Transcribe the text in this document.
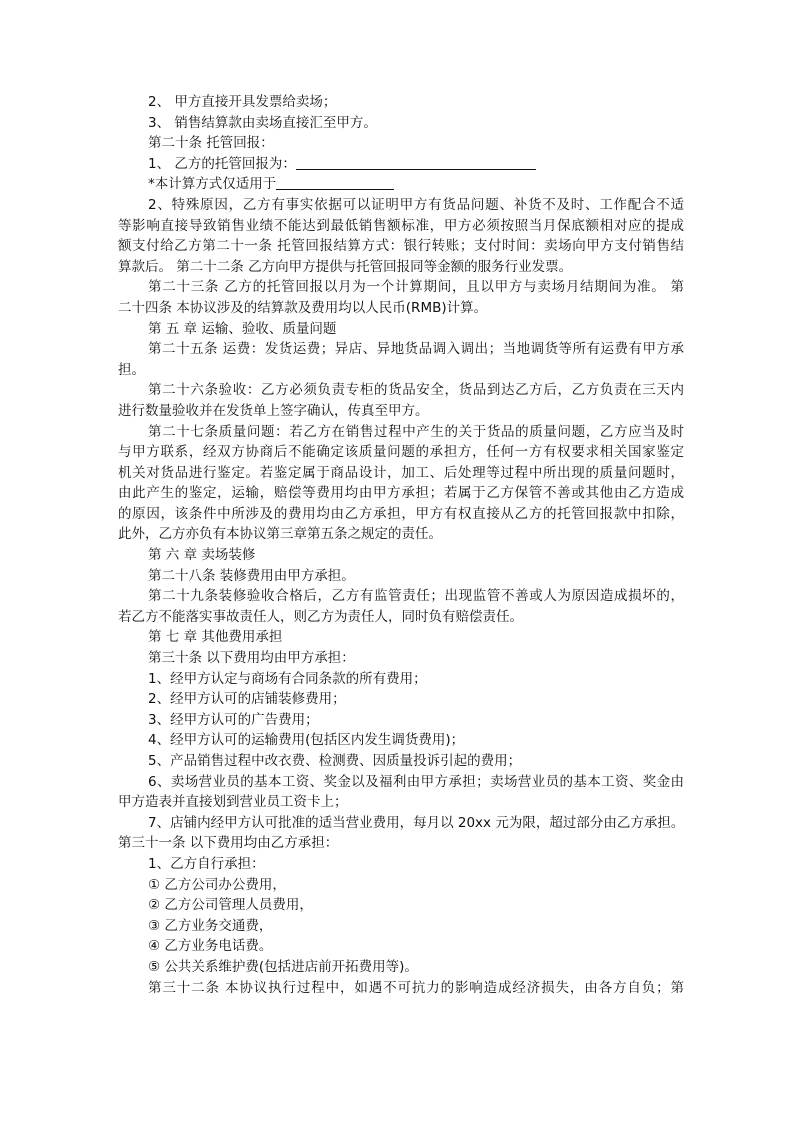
2、 甲方直接开具发票给卖场；
3、 销售结算款由卖场直接汇至甲方。
第二十条 托管回报：
1、 乙方的托管回报为：
*本计算方式仅适用于
2、特殊原因，乙方有事实依据可以证明甲方有货品问题、补货不及时、工作配合不适
等影响直接导致销售业绩不能达到最低销售额标准，甲方必须按照当月保底额相对应的提成
额支付给乙方第二十一条 托管回报结算方式：银行转账；支付时间：卖场向甲方支付销售结
算款后。 第二十二条 乙方向甲方提供与托管回报同等金额的服务行业发票。
第二十三条 乙方的托管回报以月为一个计算期间，且以甲方与卖场月结期间为准。 第
二十四条 本协议涉及的结算款及费用均以人民币(RMB)计算。
第 五 章 运输、验收、质量问题
第二十五条 运费：发货运费；异店、异地货品调入调出；当地调货等所有运费有甲方承
担。
第二十六条验收：乙方必须负责专柜的货品安全，货品到达乙方后，乙方负责在三天内
进行数量验收并在发货单上签字确认，传真至甲方。
第二十七条质量问题：若乙方在销售过程中产生的关于货品的质量问题，乙方应当及时
与甲方联系，经双方协商后不能确定该质量问题的承担方，任何一方有权要求相关国家鉴定
机关对货品进行鉴定。若鉴定属于商品设计，加工、后处理等过程中所出现的质量问题时，
由此产生的鉴定，运输，赔偿等费用均由甲方承担；若属于乙方保管不善或其他由乙方造成
的原因，该条件中所涉及的费用均由乙方承担，甲方有权直接从乙方的托管回报款中扣除，
此外，乙方亦负有本协议第三章第五条之规定的责任。
第 六 章 卖场装修
第二十八条 装修费用由甲方承担。
第二十九条装修验收合格后，乙方有监管责任；出现监管不善或人为原因造成损坏的，
若乙方不能落实事故责任人，则乙方为责任人，同时负有赔偿责任。
第 七 章 其他费用承担
第三十条 以下费用均由甲方承担：
1、经甲方认定与商场有合同条款的所有费用；
2、经甲方认可的店铺装修费用；
3、经甲方认可的广告费用；
4、经甲方认可的运输费用(包括区内发生调货费用)；
5、产品销售过程中改衣费、检测费、因质量投诉引起的费用；
6、卖场营业员的基本工资、奖金以及福利由甲方承担；卖场营业员的基本工资、奖金由
甲方造表并直接划到营业员工资卡上；
7、店铺内经甲方认可批准的适当营业费用，每月以 20xx 元为限，超过部分由乙方承担。
第三十一条 以下费用均由乙方承担：
1、乙方自行承担：
① 乙方公司办公费用，
② 乙方公司管理人员费用，
③ 乙方业务交通费，
④ 乙方业务电话费。
⑤ 公共关系维护费(包括进店前开拓费用等)。
第三十二条 本协议执行过程中，如遇不可抗力的影响造成经济损失，由各方自负；第
